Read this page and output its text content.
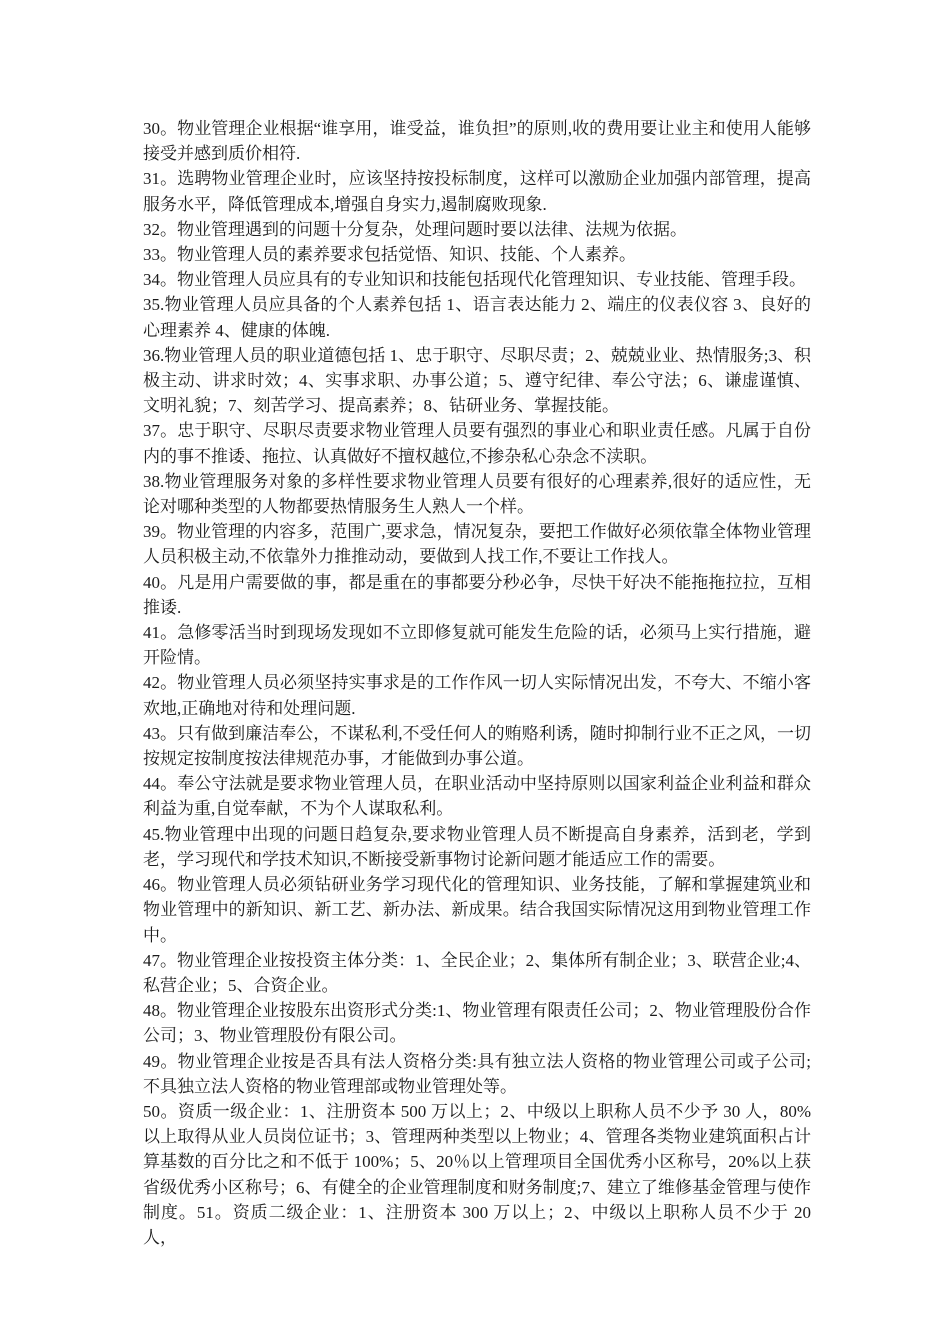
30。物业管理企业根据“谁享用，谁受益，谁负担”的原则,收的费用要让业主和使用人能够接受并感到质价相符.

31。选聘物业管理企业时，应该坚持按投标制度，这样可以激励企业加强内部管理，提高服务水平，降低管理成本,增强自身实力,遏制腐败现象.

32。物业管理遇到的问题十分复杂，处理问题时要以法律、法规为依据。

33。物业管理人员的素养要求包括觉悟、知识、技能、个人素养。

34。物业管理人员应具有的专业知识和技能包括现代化管理知识、专业技能、管理手段。

35.物业管理人员应具备的个人素养包括 1、语言表达能力 2、端庄的仪表仪容 3、良好的心理素养 4、健康的体魄.

36.物业管理人员的职业道德包括 1、忠于职守、尽职尽责；2、兢兢业业、热情服务;3、积极主动、讲求时效；4、实事求职、办事公道；5、遵守纪律、奉公守法；6、谦虚谨慎、文明礼貌；7、刻苦学习、提高素养；8、钻研业务、掌握技能。

37。忠于职守、尽职尽责要求物业管理人员要有强烈的事业心和职业责任感。凡属于自份内的事不推诿、拖拉、认真做好不擅权越位,不掺杂私心杂念不渎职。

38.物业管理服务对象的多样性要求物业管理人员要有很好的心理素养,很好的适应性，无论对哪种类型的人物都要热情服务生人熟人一个样。

39。物业管理的内容多，范围广,要求急，情况复杂，要把工作做好必须依靠全体物业管理人员积极主动,不依靠外力推推动动，要做到人找工作,不要让工作找人。

40。凡是用户需要做的事，都是重在的事都要分秒必争，尽快干好决不能拖拖拉拉，互相推诿.

41。急修零活当时到现场发现如不立即修复就可能发生危险的话，必须马上实行措施，避开险情。

42。物业管理人员必须坚持实事求是的工作作风一切人实际情况出发，不夸大、不缩小客欢地,正确地对待和处理问题.

43。只有做到廉洁奉公，不谋私利,不受任何人的贿赂利诱，随时抑制行业不正之风，一切按规定按制度按法律规范办事，才能做到办事公道。

44。奉公守法就是要求物业管理人员，在职业活动中坚持原则以国家利益企业利益和群众利益为重,自觉奉献，不为个人谋取私利。

45.物业管理中出现的问题日趋复杂,要求物业管理人员不断提高自身素养，活到老，学到老，学习现代和学技术知识,不断接受新事物讨论新问题才能适应工作的需要。

46。物业管理人员必须钻研业务学习现代化的管理知识、业务技能，了解和掌握建筑业和物业管理中的新知识、新工艺、新办法、新成果。结合我国实际情况这用到物业管理工作中。

47。物业管理企业按投资主体分类：1、全民企业；2、集体所有制企业；3、联营企业;4、私营企业；5、合资企业。

48。物业管理企业按股东出资形式分类:1、物业管理有限责任公司；2、物业管理股份合作公司；3、物业管理股份有限公司。

49。物业管理企业按是否具有法人资格分类:具有独立法人资格的物业管理公司或子公司;不具独立法人资格的物业管理部或物业管理处等。

50。资质一级企业：1、注册资本 500 万以上；2、中级以上职称人员不少予 30 人，80%以上取得从业人员岗位证书；3、管理两种类型以上物业；4、管理各类物业建筑面积占计算基数的百分比之和不低于 100%；5、20％以上管理项目全国优秀小区称号，20%以上获省级优秀小区称号；6、有健全的企业管理制度和财务制度;7、建立了维修基金管理与使作制度。51。资质二级企业：1、注册资本 300 万以上；2、中级以上职称人员不少于 20 人，
